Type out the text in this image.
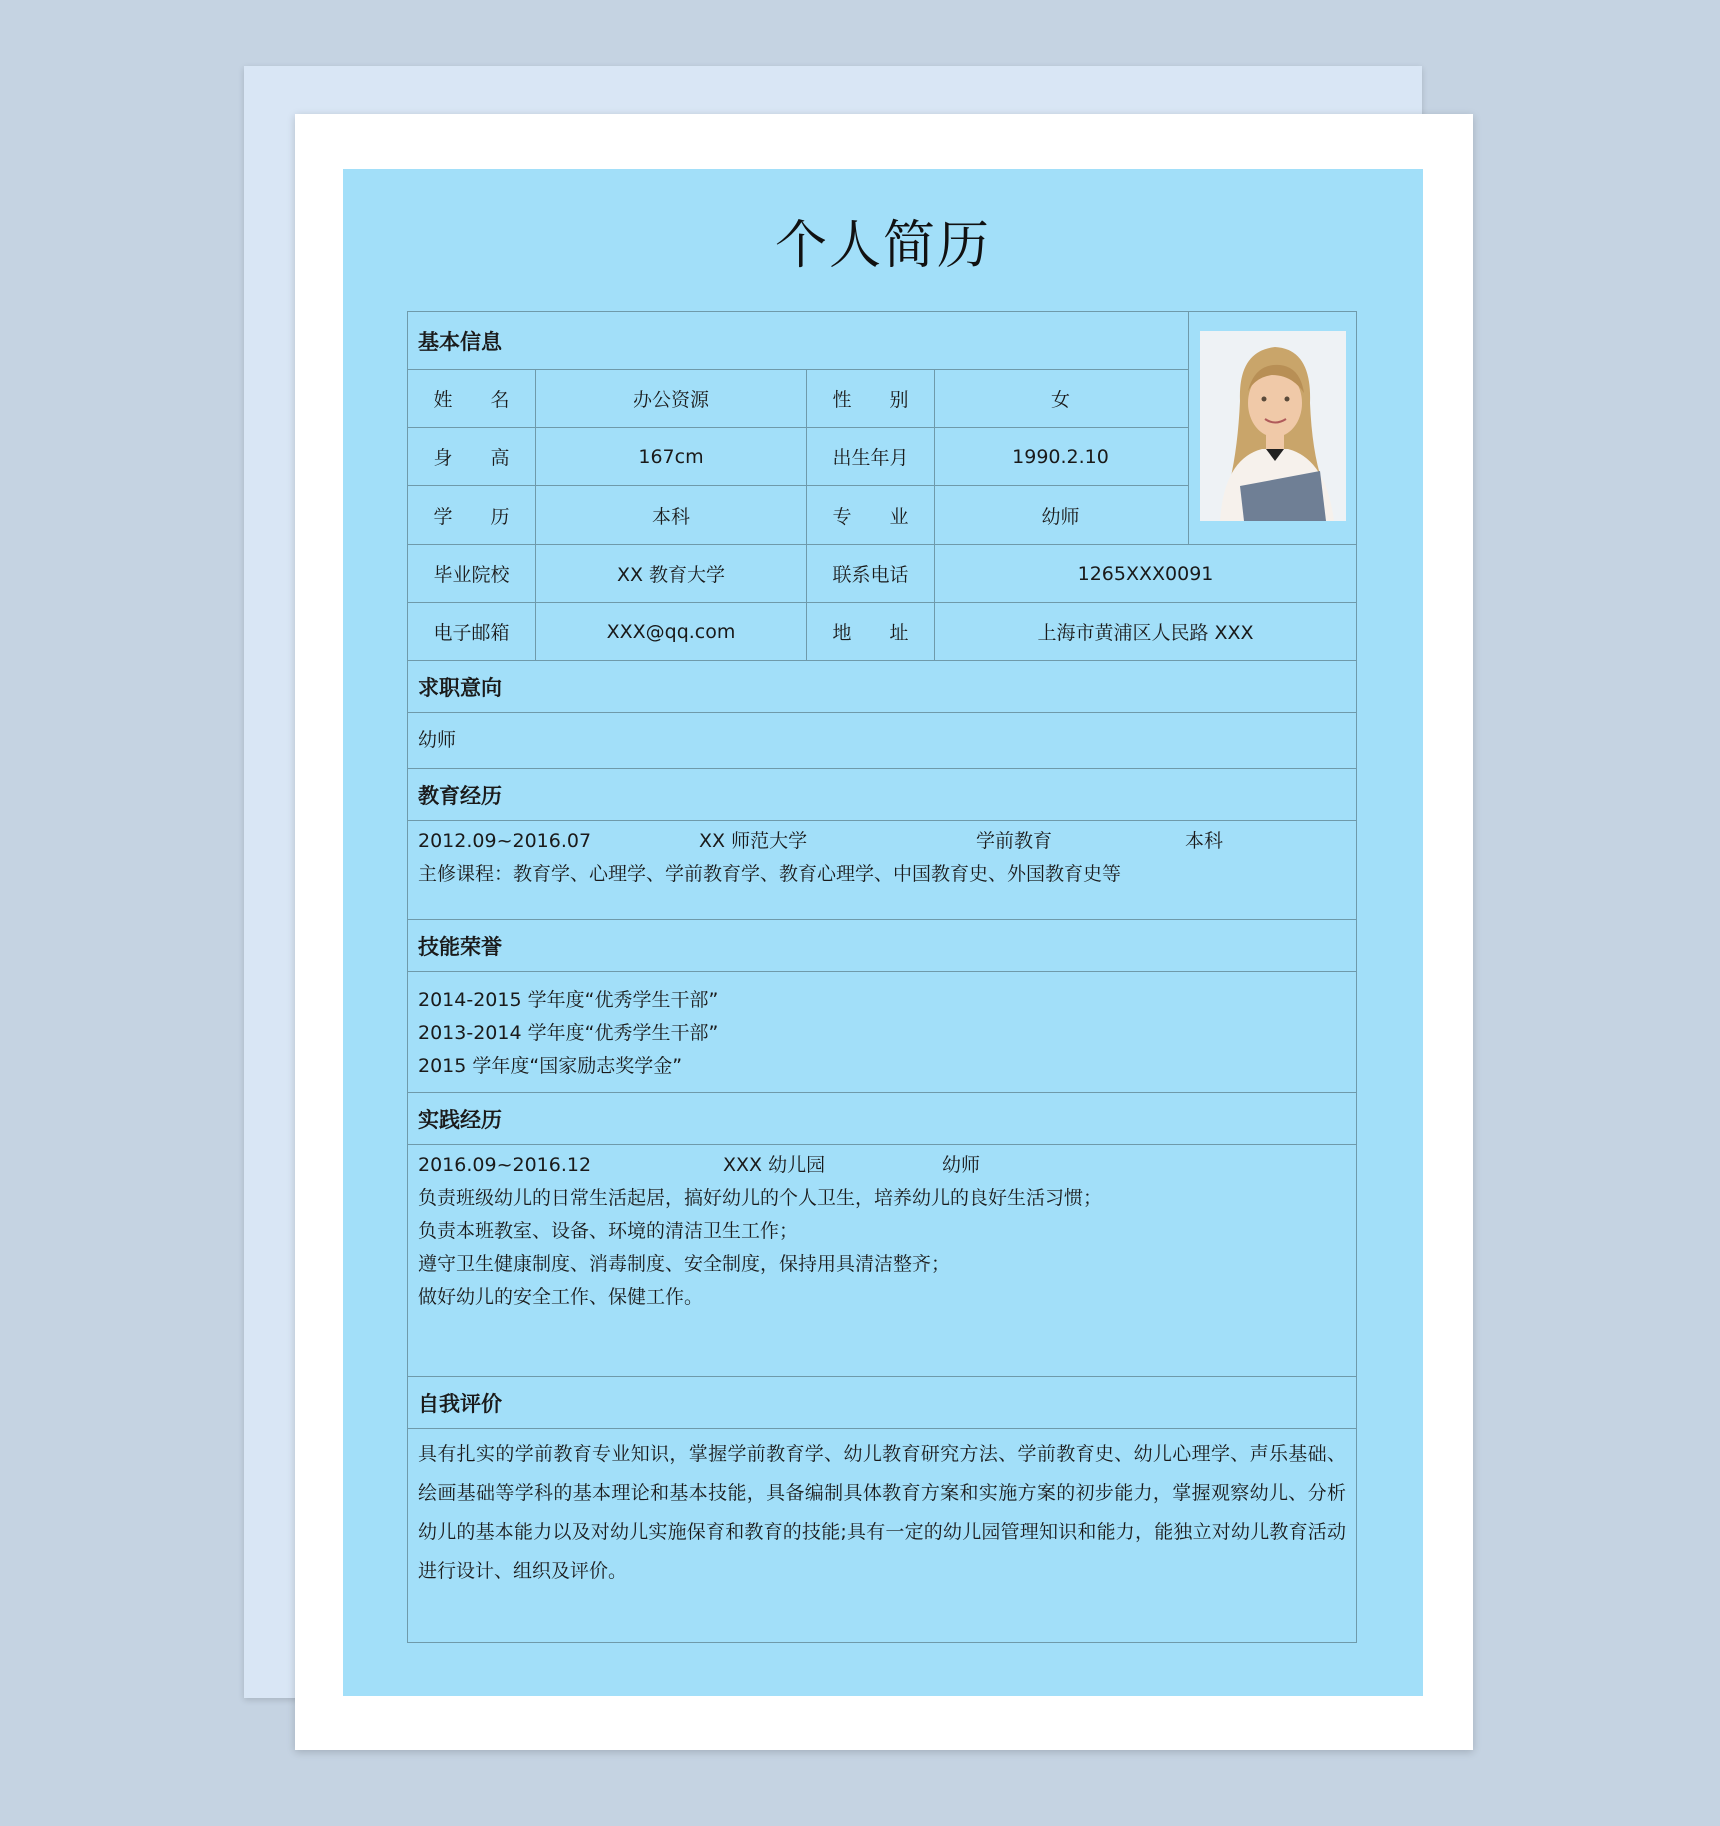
个人简历
基本信息
姓　　名	办公资源	性　　别	女
身　　高	167cm	出生年月	1990.2.10
学　　历	本科	专　　业	幼师
毕业院校	XX 教育大学	联系电话	1265XXX0091
电子邮箱	XXX@qq.com	地　　址	上海市黄浦区人民路 XXX
求职意向
幼师
教育经历
2012.09~2016.07	XX 师范大学	学前教育	本科
主修课程：教育学、心理学、学前教育学、教育心理学、中国教育史、外国教育史等
技能荣誉
2014-2015 学年度“优秀学生干部”
2013-2014 学年度“优秀学生干部”
2015 学年度“国家励志奖学金”
实践经历
2016.09~2016.12	XXX 幼儿园	幼师
负责班级幼儿的日常生活起居，搞好幼儿的个人卫生，培养幼儿的良好生活习惯；
负责本班教室、设备、环境的清洁卫生工作；
遵守卫生健康制度、消毒制度、安全制度，保持用具清洁整齐；
做好幼儿的安全工作、保健工作。
自我评价
具有扎实的学前教育专业知识，掌握学前教育学、幼儿教育研究方法、学前教育史、幼儿心理学、声乐基础、绘画基础等学科的基本理论和基本技能，具备编制具体教育方案和实施方案的初步能力，掌握观察幼儿、分析幼儿的基本能力以及对幼儿实施保育和教育的技能;具有一定的幼儿园管理知识和能力，能独立对幼儿教育活动进行设计、组织及评价。
